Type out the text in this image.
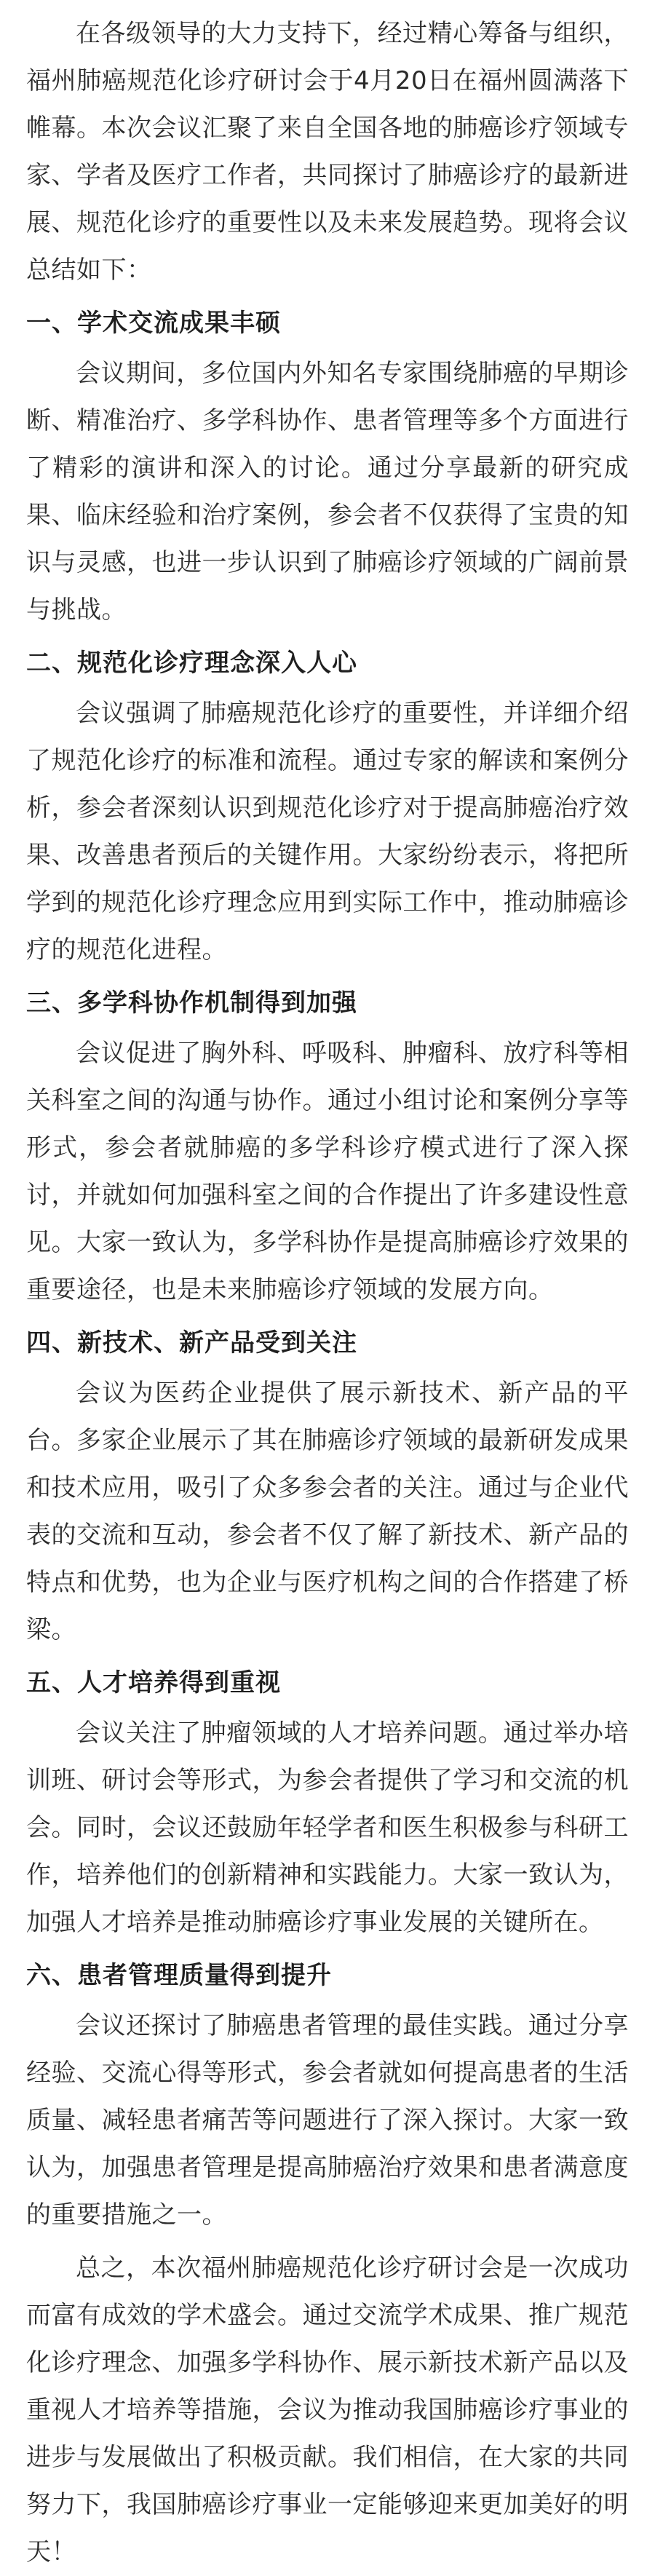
在各级领导的大力支持下，经过精心筹备与组织，福州肺癌规范化诊疗研讨会于4月20日在福州圆满落下帷幕。本次会议汇聚了来自全国各地的肺癌诊疗领域专家、学者及医疗工作者，共同探讨了肺癌诊疗的最新进展、规范化诊疗的重要性以及未来发展趋势。现将会议总结如下：

一、学术交流成果丰硕

会议期间，多位国内外知名专家围绕肺癌的早期诊断、精准治疗、多学科协作、患者管理等多个方面进行了精彩的演讲和深入的讨论。通过分享最新的研究成果、临床经验和治疗案例，参会者不仅获得了宝贵的知识与灵感，也进一步认识到了肺癌诊疗领域的广阔前景与挑战。

二、规范化诊疗理念深入人心

会议强调了肺癌规范化诊疗的重要性，并详细介绍了规范化诊疗的标准和流程。通过专家的解读和案例分析，参会者深刻认识到规范化诊疗对于提高肺癌治疗效果、改善患者预后的关键作用。大家纷纷表示，将把所学到的规范化诊疗理念应用到实际工作中，推动肺癌诊疗的规范化进程。

三、多学科协作机制得到加强

会议促进了胸外科、呼吸科、肿瘤科、放疗科等相关科室之间的沟通与协作。通过小组讨论和案例分享等形式，参会者就肺癌的多学科诊疗模式进行了深入探讨，并就如何加强科室之间的合作提出了许多建设性意见。大家一致认为，多学科协作是提高肺癌诊疗效果的重要途径，也是未来肺癌诊疗领域的发展方向。

四、新技术、新产品受到关注

会议为医药企业提供了展示新技术、新产品的平台。多家企业展示了其在肺癌诊疗领域的最新研发成果和技术应用，吸引了众多参会者的关注。通过与企业代表的交流和互动，参会者不仅了解了新技术、新产品的特点和优势，也为企业与医疗机构之间的合作搭建了桥梁。

五、人才培养得到重视

会议关注了肿瘤领域的人才培养问题。通过举办培训班、研讨会等形式，为参会者提供了学习和交流的机会。同时，会议还鼓励年轻学者和医生积极参与科研工作，培养他们的创新精神和实践能力。大家一致认为，加强人才培养是推动肺癌诊疗事业发展的关键所在。

六、患者管理质量得到提升

会议还探讨了肺癌患者管理的最佳实践。通过分享经验、交流心得等形式，参会者就如何提高患者的生活质量、减轻患者痛苦等问题进行了深入探讨。大家一致认为，加强患者管理是提高肺癌治疗效果和患者满意度的重要措施之一。

总之，本次福州肺癌规范化诊疗研讨会是一次成功而富有成效的学术盛会。通过交流学术成果、推广规范化诊疗理念、加强多学科协作、展示新技术新产品以及重视人才培养等措施，会议为推动我国肺癌诊疗事业的进步与发展做出了积极贡献。我们相信，在大家的共同努力下，我国肺癌诊疗事业一定能够迎来更加美好的明天！
